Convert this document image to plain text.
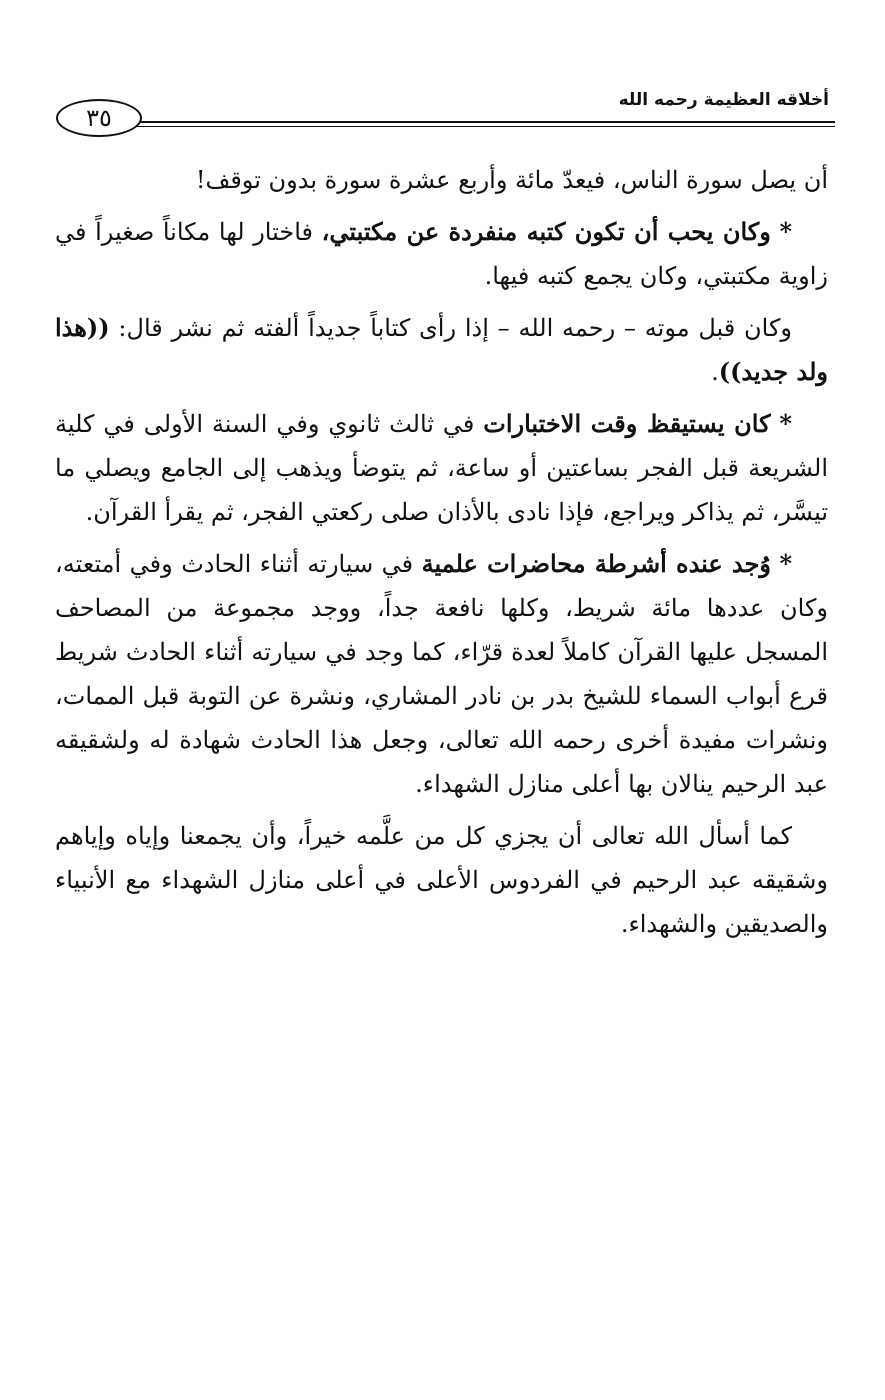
أخلاقه العظيمة رحمه الله
٣٥

أن يصل سورة الناس، فيعدّ مائة وأربع عشرة سورة بدون توقف!

* وكان يحب أن تكون كتبه منفردة عن مكتبتي، فاختار لها مكاناً صغيراً في زاوية مكتبتي، وكان يجمع كتبه فيها.

وكان قبل موته – رحمه الله – إذا رأى كتاباً جديداً ألفته ثم نشر قال: ((هذا ولد جديد)).

* كان يستيقظ وقت الاختبارات في ثالث ثانوي وفي السنة الأولى في كلية الشريعة قبل الفجر بساعتين أو ساعة، ثم يتوضأ ويذهب إلى الجامع ويصلي ما تيسَّر، ثم يذاكر ويراجع، فإذا نادى بالأذان صلى ركعتي الفجر، ثم يقرأ القرآن.

* وُجد عنده أشرطة محاضرات علمية في سيارته أثناء الحادث وفي أمتعته، وكان عددها مائة شريط، وكلها نافعة جداً، ووجد مجموعة من المصاحف المسجل عليها القرآن كاملاً لعدة قرّاء، كما وجد في سيارته أثناء الحادث شريط قرع أبواب السماء للشيخ بدر بن نادر المشاري، ونشرة عن التوبة قبل الممات، ونشرات مفيدة أخرى رحمه الله تعالى، وجعل هذا الحادث شهادة له ولشقيقه عبد الرحيم ينالان بها أعلى منازل الشهداء.

كما أسأل الله تعالى أن يجزي كل من علَّمه خيراً، وأن يجمعنا وإياه وإياهم وشقيقه عبد الرحيم في الفردوس الأعلى في أعلى منازل الشهداء مع الأنبياء والصديقين والشهداء.
